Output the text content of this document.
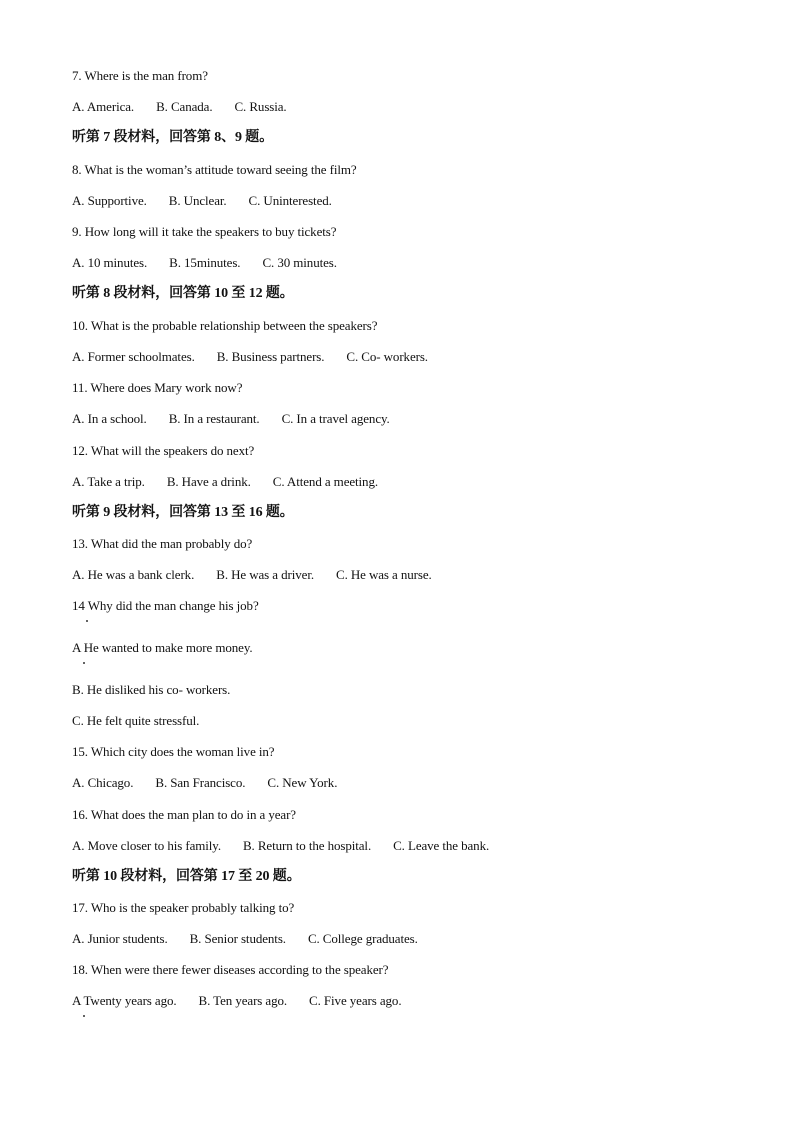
7. Where is the man from?
A. America. B. Canada. C. Russia.
听第 7 段材料，回答第 8、9 题。
8. What is the woman’s attitude toward seeing the film?
A. Supportive. B. Unclear. C. Uninterested.
9. How long will it take the speakers to buy tickets?
A. 10 minutes. B. 15minutes. C. 30 minutes.
听第 8 段材料，回答第 10 至 12 题。
10. What is the probable relationship between the speakers?
A. Former schoolmates. B. Business partners. C. Co- workers.
11. Where does Mary work now?
A. In a school. B. In a restaurant. C. In a travel agency.
12. What will the speakers do next?
A. Take a trip. B. Have a drink. C. Attend a meeting.
听第 9 段材料，回答第 13 至 16 题。
13. What did the man probably do?
A. He was a bank clerk. B. He was a driver. C. He was a nurse.
14 Why did the man change his job?
A He wanted to make more money.
B. He disliked his co- workers.
C. He felt quite stressful.
15. Which city does the woman live in?
A. Chicago. B. San Francisco. C. New York.
16. What does the man plan to do in a year?
A. Move closer to his family. B. Return to the hospital. C. Leave the bank.
听第 10 段材料，回答第 17 至 20 题。
17. Who is the speaker probably talking to?
A. Junior students. B. Senior students. C. College graduates.
18. When were there fewer diseases according to the speaker?
A Twenty years ago. B. Ten years ago. C. Five years ago.
